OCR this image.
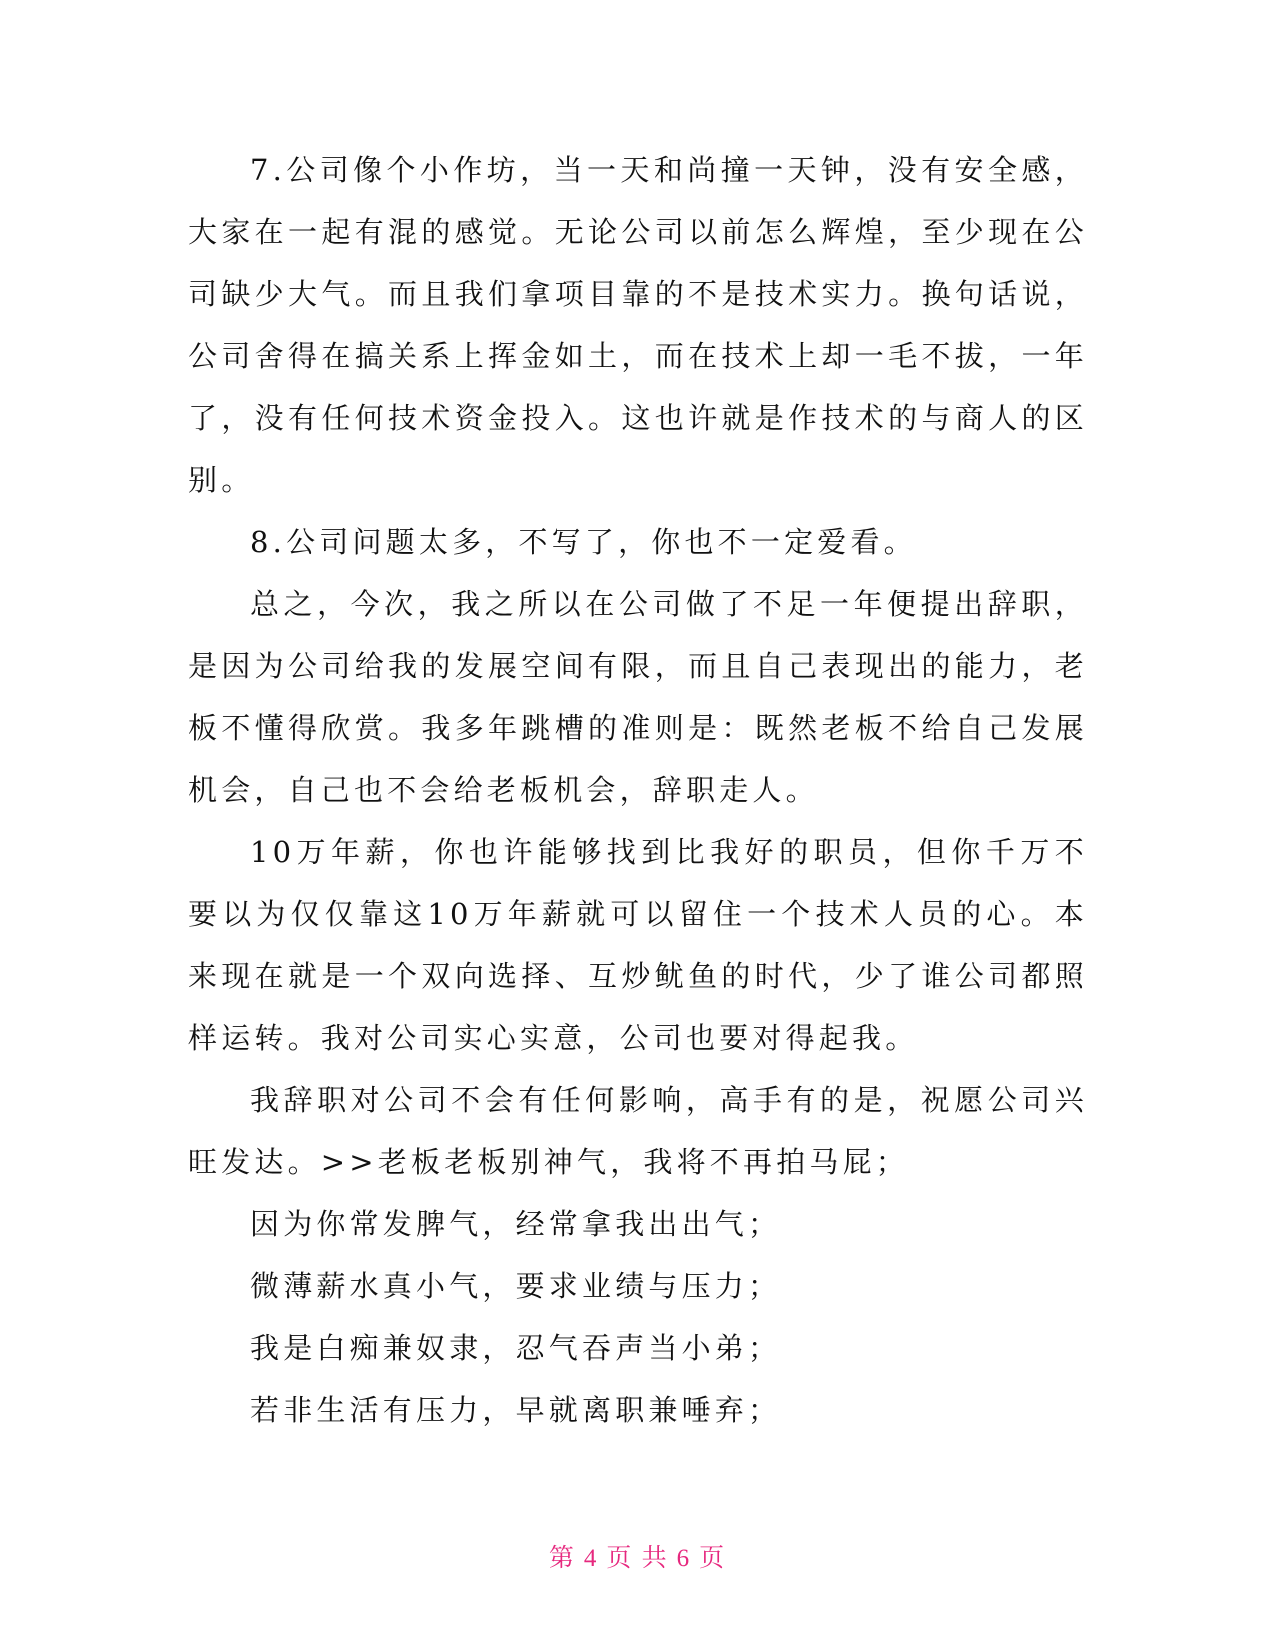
7.公司像个小作坊，当一天和尚撞一天钟，没有安全感，大家在一起有混的感觉。无论公司以前怎么辉煌，至少现在公司缺少大气。而且我们拿项目靠的不是技术实力。换句话说，公司舍得在搞关系上挥金如土，而在技术上却一毛不拔，一年了，没有任何技术资金投入。这也许就是作技术的与商人的区别。

8.公司问题太多，不写了，你也不一定爱看。

总之，今次，我之所以在公司做了不足一年便提出辞职，是因为公司给我的发展空间有限，而且自己表现出的能力，老板不懂得欣赏。我多年跳槽的准则是：既然老板不给自己发展机会，自己也不会给老板机会，辞职走人。

10万年薪，你也许能够找到比我好的职员，但你千万不要以为仅仅靠这10万年薪就可以留住一个技术人员的心。本来现在就是一个双向选择、互炒鱿鱼的时代，少了谁公司都照样运转。我对公司实心实意，公司也要对得起我。

我辞职对公司不会有任何影响，高手有的是，祝愿公司兴旺发达。>>老板老板别神气，我将不再拍马屁；

因为你常发脾气，经常拿我出出气；

微薄薪水真小气，要求业绩与压力；

我是白痴兼奴隶，忍气吞声当小弟；

若非生活有压力，早就离职兼唾弃；

第 4 页 共 6 页
